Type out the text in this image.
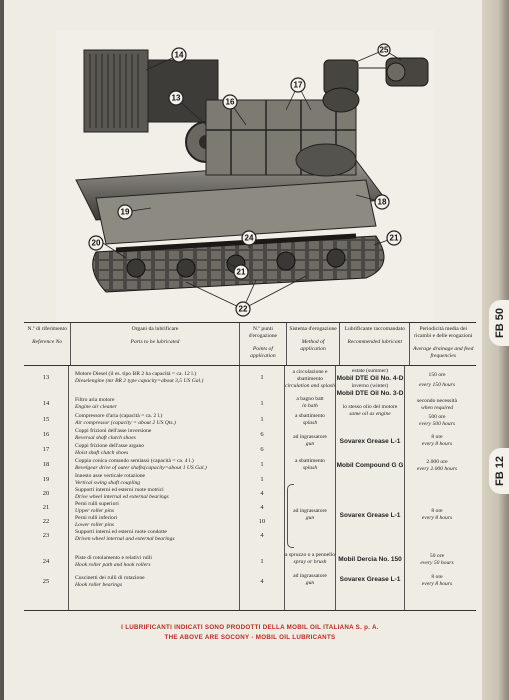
14
13	16
17
19
18
20
24	21
21
22
25
N.º di riferimento
Reference No
Organi da lubrificare
Parts to be lubricated
N.º punti d'erogazione
Points of application
Sistema d'erogazione
Method of application
Lubrificante raccomandato
Recommended lubricant
Periodicità media dei ricambi e delle erogazioni
Average drainage and feed frequencies
13
14
15
16
17
18
19
20
21
22
23
24
25
Motore Diesel (il es. tipo BR 2 ha capacità = ca. 12 l.)
Dieselengine (mr BR 2 type capacity=about 3,5 US Gal.)
Filtro aria motore
Engine air cleaner
Compressore d'aria (capacità = ca. 2 l.)
Air compressor (capacity = about 2 US Qts.)
Coppi frizioni dell'asse inversione
Reversal shaft clutch shoes
Coppi frizione dell'asse argano
Hoist shaft clutch shoes
Coppia conica comando semiassi (capacità = ca. 4 l.)
Bevelgear drive of outer shafts(capacity=about 1 US Gal.)
Innesto asse verticale rotazione
Vertical swing shaft coupling
Supporti interni ed esterni ruote motrici
Drive wheel internal ed external bearings
Perni rulli superiori
Upper roller pins
Perni rulli inferiori
Lower roller pins
Supporti interni ed esterni ruote condotte
Driven wheel internal and external bearings
Piste di rotolamento e relativi rulli
Hook roller path and hook rollers
Cuscinetti dei rulli di rotazione
Hook roller bearings
1
1
1
6
6
1
1
4
4
10
4
1
4
a circolazione e sbattimento
circulation and splash
a bagno batt
in bath
a sbattimento
splash
ad ingrassatore
gun
a sbattimento
splash
ad ingrassatore
gun
a spruzzo o a pennello
spray or brush
ad ingrassatore
gun
estate (summer)
Mobil DTE Oil No. 4-D
inverno (winter)
Mobil DTE Oil No. 3-D
lo stesso olio del motore
same oil as engine
Sovarex Grease L-1
Mobil Compound G G
Sovarex Grease L-1
Mobil Dercia No. 150
Sovarex Grease L-1
150 ore
every 150 hours
secondo necessità
when required
500 ore
every 500 hours
8 ore
every 8 hours
2.000 ore
every 2.000 hours
8 ore
every 8 hours
50 ore
every 50 hours
8 ore
every 8 hours
I LUBRIFICANTI INDICATI SONO PRODOTTI DELLA MOBIL OIL ITALIANA S. p. A.
THE ABOVE ARE SOCONY - MOBIL OIL LUBRICANTS
FB 50
FB 12
